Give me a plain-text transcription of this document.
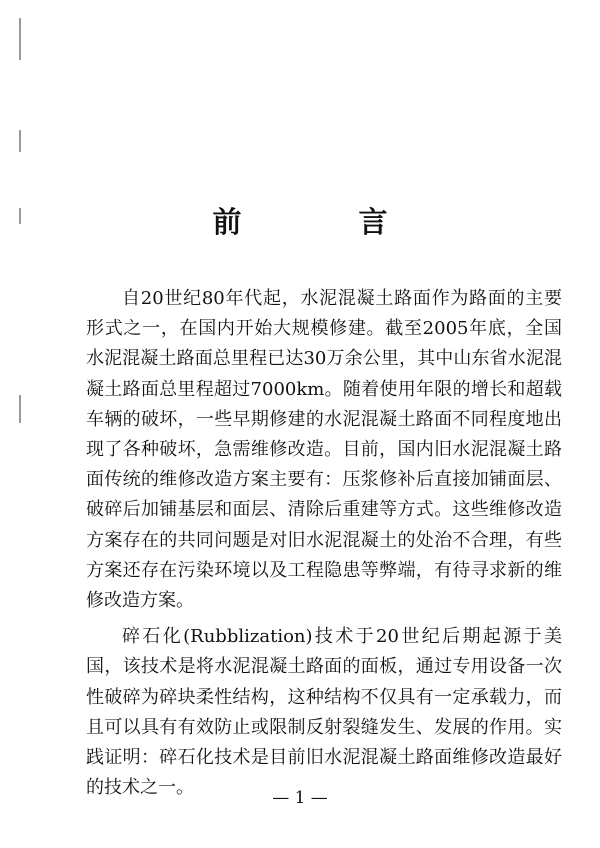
前　言

自20世纪80年代起，水泥混凝土路面作为路面的主要形式之一，在国内开始大规模修建。截至2005年底，全国水泥混凝土路面总里程已达30万余公里，其中山东省水泥混凝土路面总里程超过7000km。随着使用年限的增长和超载车辆的破坏，一些早期修建的水泥混凝土路面不同程度地出现了各种破坏，急需维修改造。目前，国内旧水泥混凝土路面传统的维修改造方案主要有：压浆修补后直接加铺面层、破碎后加铺基层和面层、清除后重建等方式。这些维修改造方案存在的共同问题是对旧水泥混凝土的处治不合理，有些方案还存在污染环境以及工程隐患等弊端，有待寻求新的维修改造方案。

碎石化(Rubblization)技术于20世纪后期起源于美国，该技术是将水泥混凝土路面的面板，通过专用设备一次性破碎为碎块柔性结构，这种结构不仅具有一定承载力，而且可以具有有效防止或限制反射裂缝发生、发展的作用。实践证明：碎石化技术是目前旧水泥混凝土路面维修改造最好的技术之一。	— 1 —
